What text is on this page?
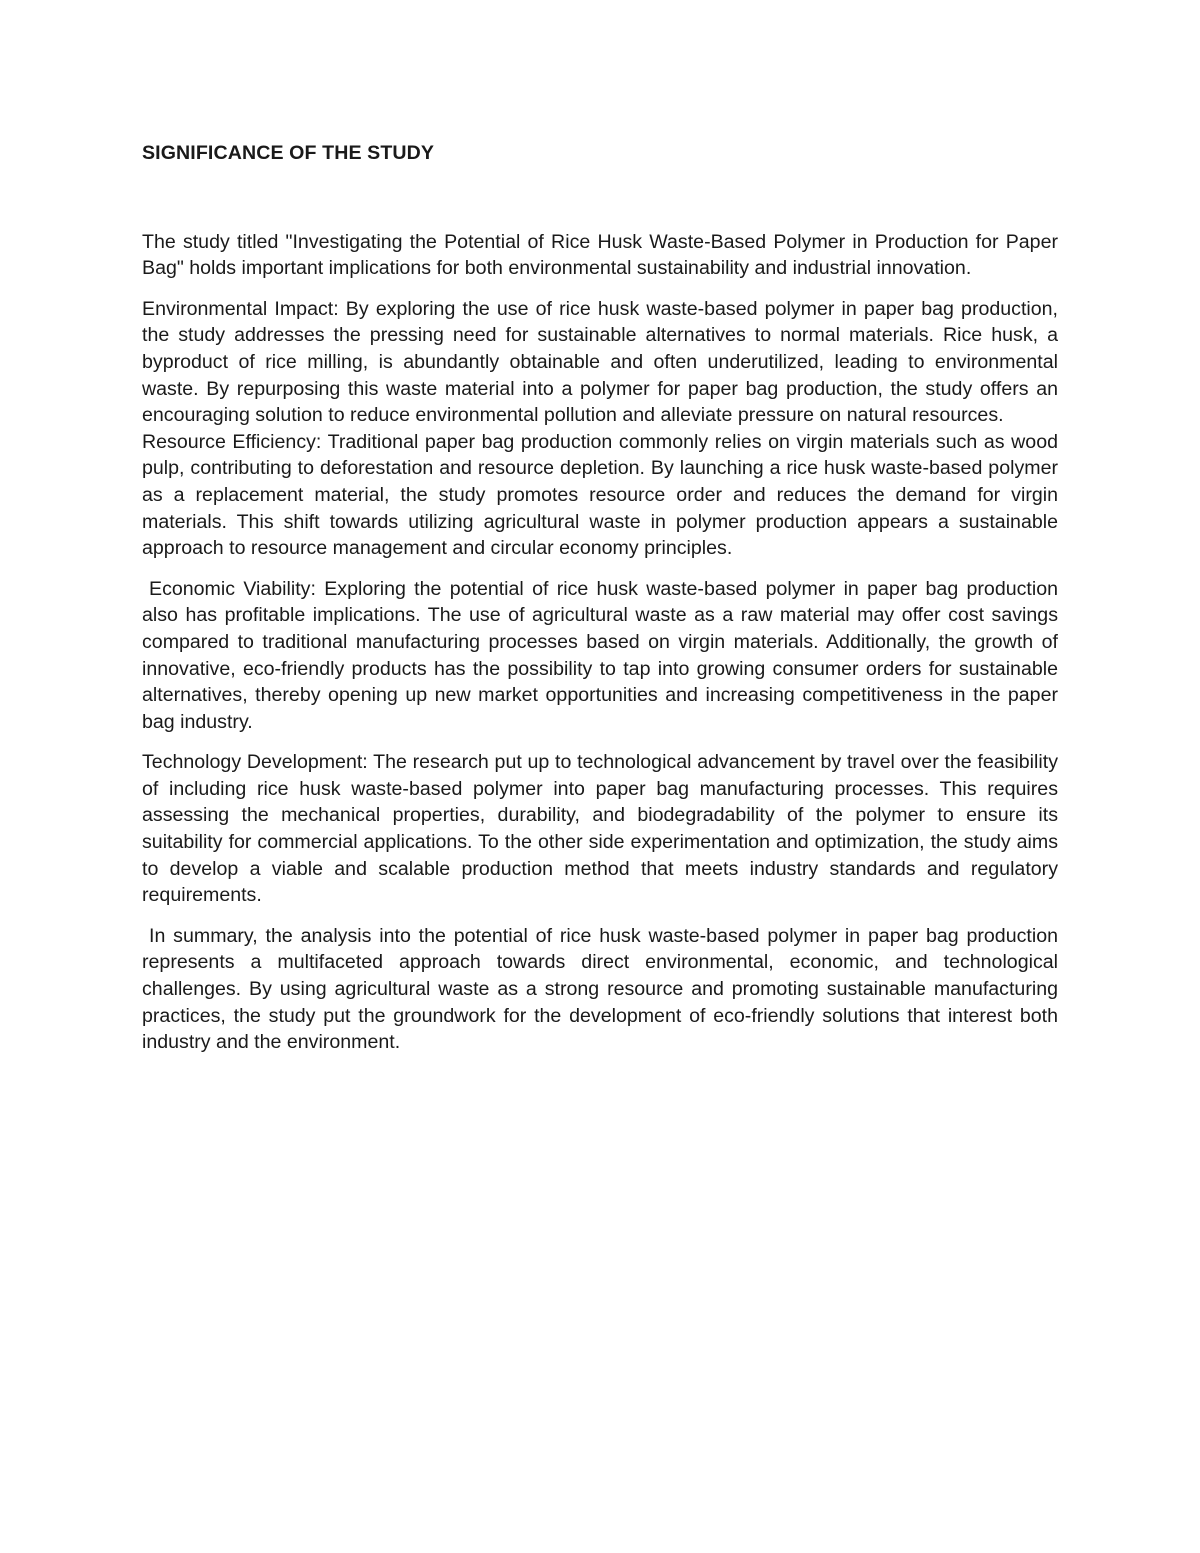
SIGNIFICANCE OF THE STUDY

The study titled "Investigating the Potential of Rice Husk Waste-Based Polymer in Production for Paper Bag" holds important implications for both environmental sustainability and industrial innovation.

Environmental Impact: By exploring the use of rice husk waste-based polymer in paper bag production, the study addresses the pressing need for sustainable alternatives to normal materials. Rice husk, a byproduct of rice milling, is abundantly obtainable and often underutilized, leading to environmental waste. By repurposing this waste material into a polymer for paper bag production, the study offers an encouraging solution to reduce environmental pollution and alleviate pressure on natural resources.

Resource Efficiency: Traditional paper bag production commonly relies on virgin materials such as wood pulp, contributing to deforestation and resource depletion. By launching a rice husk waste-based polymer as a replacement material, the study promotes resource order and reduces the demand for virgin materials. This shift towards utilizing agricultural waste in polymer production appears a sustainable approach to resource management and circular economy principles.

Economic Viability: Exploring the potential of rice husk waste-based polymer in paper bag production also has profitable implications. The use of agricultural waste as a raw material may offer cost savings compared to traditional manufacturing processes based on virgin materials. Additionally, the growth of innovative, eco-friendly products has the possibility to tap into growing consumer orders for sustainable alternatives, thereby opening up new market opportunities and increasing competitiveness in the paper bag industry.

Technology Development: The research put up to technological advancement by travel over the feasibility of including rice husk waste-based polymer into paper bag manufacturing processes. This requires assessing the mechanical properties, durability, and biodegradability of the polymer to ensure its suitability for commercial applications. To the other side experimentation and optimization, the study aims to develop a viable and scalable production method that meets industry standards and regulatory requirements.

In summary, the analysis into the potential of rice husk waste-based polymer in paper bag production represents a multifaceted approach towards direct environmental, economic, and technological challenges. By using agricultural waste as a strong resource and promoting sustainable manufacturing practices, the study put the groundwork for the development of eco-friendly solutions that interest both industry and the environment.
